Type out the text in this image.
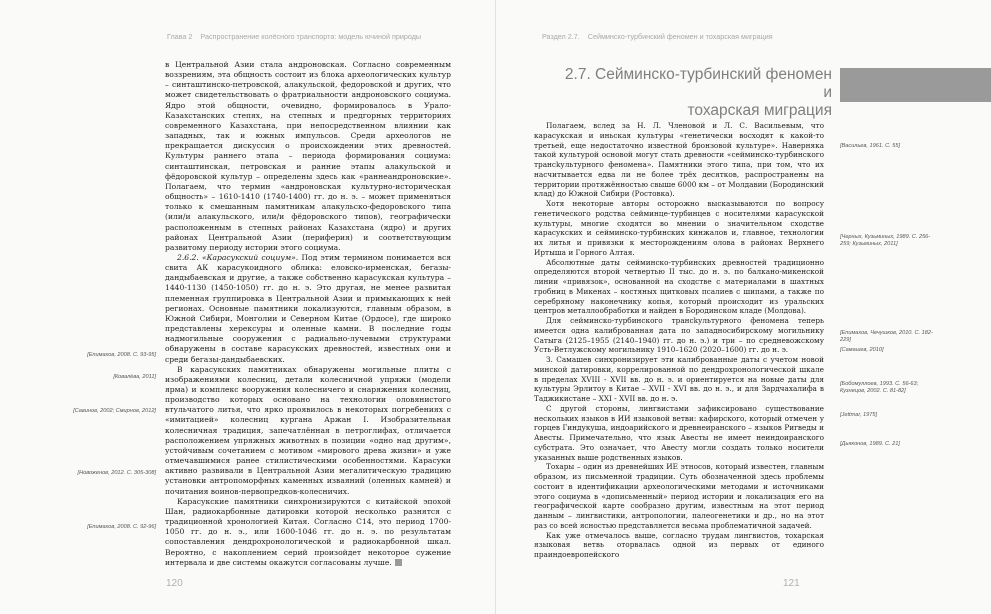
Глава 2 Распространение колёсного транспорта: модель ючиной природы

в Центральной Азии стала андроновская. Согласно современным воззрениям, эта общность состоит из блока археологических культур – синташтинско-петровской, алакульской, федоровской и других, что может свидетельствовать о фратриальности андроновского социума. Ядро этой общности, очевидно, формировалось в Урало-Казахстанских степях, на степных и предгорных территориях современного Казахстана, при непосредственном влиянии как западных, так и южных импульсов. Среди археологов не прекращается дискуссия о происхождении этих древностей. Культуры раннего этапа – периода формирования социума: синташтинская, петровская и ранние этапы алакульской и фёдоровской культур – определены здесь как «раннеандроновские». Полагаем, что термин «андроновская культурно-историческая общность» – 1610-1410 (1740-1400) гг. до н. э. – может применяться только к смешанным памятникам алакульско-федоровского типа (или/и алакульского, или/и фёдоровского типов), географически расположенным в степных районах Казахстана (ядро) и других районах Центральной Азии (периферия) и соответствующим развитому периоду истории этого социума.

2.6.2. «Карасукский социум». Под этим термином понимается вся свита АК карасукоидного облика: еловско-ирменская, бегазы-дандыбаевская и другие, а также собственно карасукская культура – 1440-1130 (1450-1050) гг. до н. э. Это другая, не менее развитая племенная группировка в Центральной Азии и примыкающих к ней регионах. Основные памятники локализуются, главным образом, в Южной Сибири, Монголии и Северном Китае (Ордосе), где широко представлены херексуры и оленные камни. В последние годы надмогильные сооружения с радиально-лучевыми структурами обнаружены в составе карасукских древностей, известных они и среди бегазы-дандыбаевских.

В карасукских памятниках обнаружены могильные плиты с изображениями колесниц, детали колесничной упряжи (модели ярма) и комплекс вооружения колесничего и снаряжения колесниц, производство которых основано на технологии оловянистого втульчатого литья, что ярко проявилось в некоторых погребениях с «имитацией» колесниц кургана Аржан I. Изобразительная колесничная традиция, запечатлённая в петроглифах, отличается расположением упряжных животных в позиции «одно над другим», устойчивым сочетанием с мотивом «мирового древа жизни» и уже отмечавшимися ранее стилистическими особенностями. Карасуки активно развивали в Центральной Азии мегалитическую традицию установки антропоморфных каменных изваяний (оленных камней) и почитания воинов-первопредков-колесничих.

Карасукские памятники синхронизируются с китайской эпохой Шан, радиокарбонные датировки которой несколько разнятся с традиционной хронологией Китая. Согласно С14, это период 1700-1050 гг. до н. э., или 1600-1046 гг. до н. э. по результатам сопоставления дендрохронологической и радиокарбонной шкал. Вероятно, с накоплением серий произойдет некоторое сужение интервала и две системы окажутся согласованы лучше.

[Епимахов, 2008. С. 93-95]
[Ковалёва, 2011]
[Савинов, 2002; Смирнов, 2012]
[Новоженов, 2012. С. 305-308]
[Епимахов, 2008. С. 92-96]
120
Раздел 2.7. Сейминско-турбинский феномен и тохарская миграция
2.7. Сейминско-турбинский феномен и
тохарская миграция

Полагаем, вслед за Н. Л. Членовой и Л. С. Васильевым, что карасукская и иньская культуры «генетически восходят к какой-то третьей, еще недостаточно известной бронзовой культуре». Наверняка такой культурой основой могут стать древности «сейминско-турбинского трансkультурного феномена». Памятники этого типа, при том, что их насчитывается едва ли не более трёх десятков, распространены на территории протяжённостью свыше 6000 км – от Молдавии (Бородинский клад) до Южной Сибири (Ростовка).

Хотя некоторые авторы осторожно высказываются по вопросу генетического родства сейминце-турбинцев с носителями карасукской культуры, многие сходятся во мнении о значительном сходстве карасукских и сейминско-турбинских кинжалов и, главное, технологии их литья и привязки к месторождениям олова в районах Верхнего Иртыша и Горного Алтая.

Абсолютные даты сейминско-турбинских древностей традиционно определяются второй четвертью II тыс. до н. э. по балкано-микенской линии «привязок», основанной на сходстве с материалами в шахтных гробниц в Микенах – костяных щитковых псалиев с шипами, а также по серебряному наконечнику копья, который происходит из уральских центров металлообработки и найден в Бородинском кладе (Молдова).

Для сейминско-турбинского трансkультурного феномена теперь имеется одна калиброванная дата по западносибирскому могильнику Сатыга (2125–1955 (2140–1940) гг. до н. э.) и три – по средневожскому Усть-Ветлужскому могильнику 1910–1620 (2020–1600) гг. до н. э.

З. Самашев синхронизирует эти калиброванные даты с учетом новой минской датировки, коррелированной по дендрохронологической шкале в пределах XVIII - XVII вв. до н. э. и ориентируется на новые даты для культуры Эрлитоу в Китае – XVII - XVI вв. до н. э., и для Зардчахалифа в Таджикистане – XXI - XVII вв. до н. э.

С другой стороны, лингвистами зафиксировано существование нескольких языков в ИИ языковой ветви: кафирского, который отмечен у горцев Гиндукуша, индоарийского и древнеиранского – языков Ригведы и Авесты. Примечательно, что язык Авесты не имеет неиндоиранского субстрата. Это означает, что Авесту могли создать только носители указанных выше родственных языков.

Тохары – один из древнейших ИЕ этносов, который известен, главным образом, из письменной традиции. Суть обозначенной здесь проблемы состоит в идентификации археологическими методами и источниками этого социума в «дописьменный» период истории и локализация его на географической карте сообразно другим, известным на этот период данным – лингвистики, антропологии, палеогенетики и др., но на этот раз со всей ясностью представляется весьма проблематичной задачей.

Как уже отмечалось выше, согласно трудам лингвистов, тохарская языковая ветвь оторвалась одной из первых от единого праиндоевропейского

[Васильев, 1961. С. 55]
[Черных, Кузьминых, 1989. С. 256-259; Кузьминых, 2011]
[Епимахов, Чечушков, 2010. С. 182-229]
[Самашев, 2010]
[Бобомуллоев, 1993. С. 56-63; Кузнецов, 2002. С. 81-82]
[Jettmar, 1975]
[Дьяконов, 1989. С. 21]
121
